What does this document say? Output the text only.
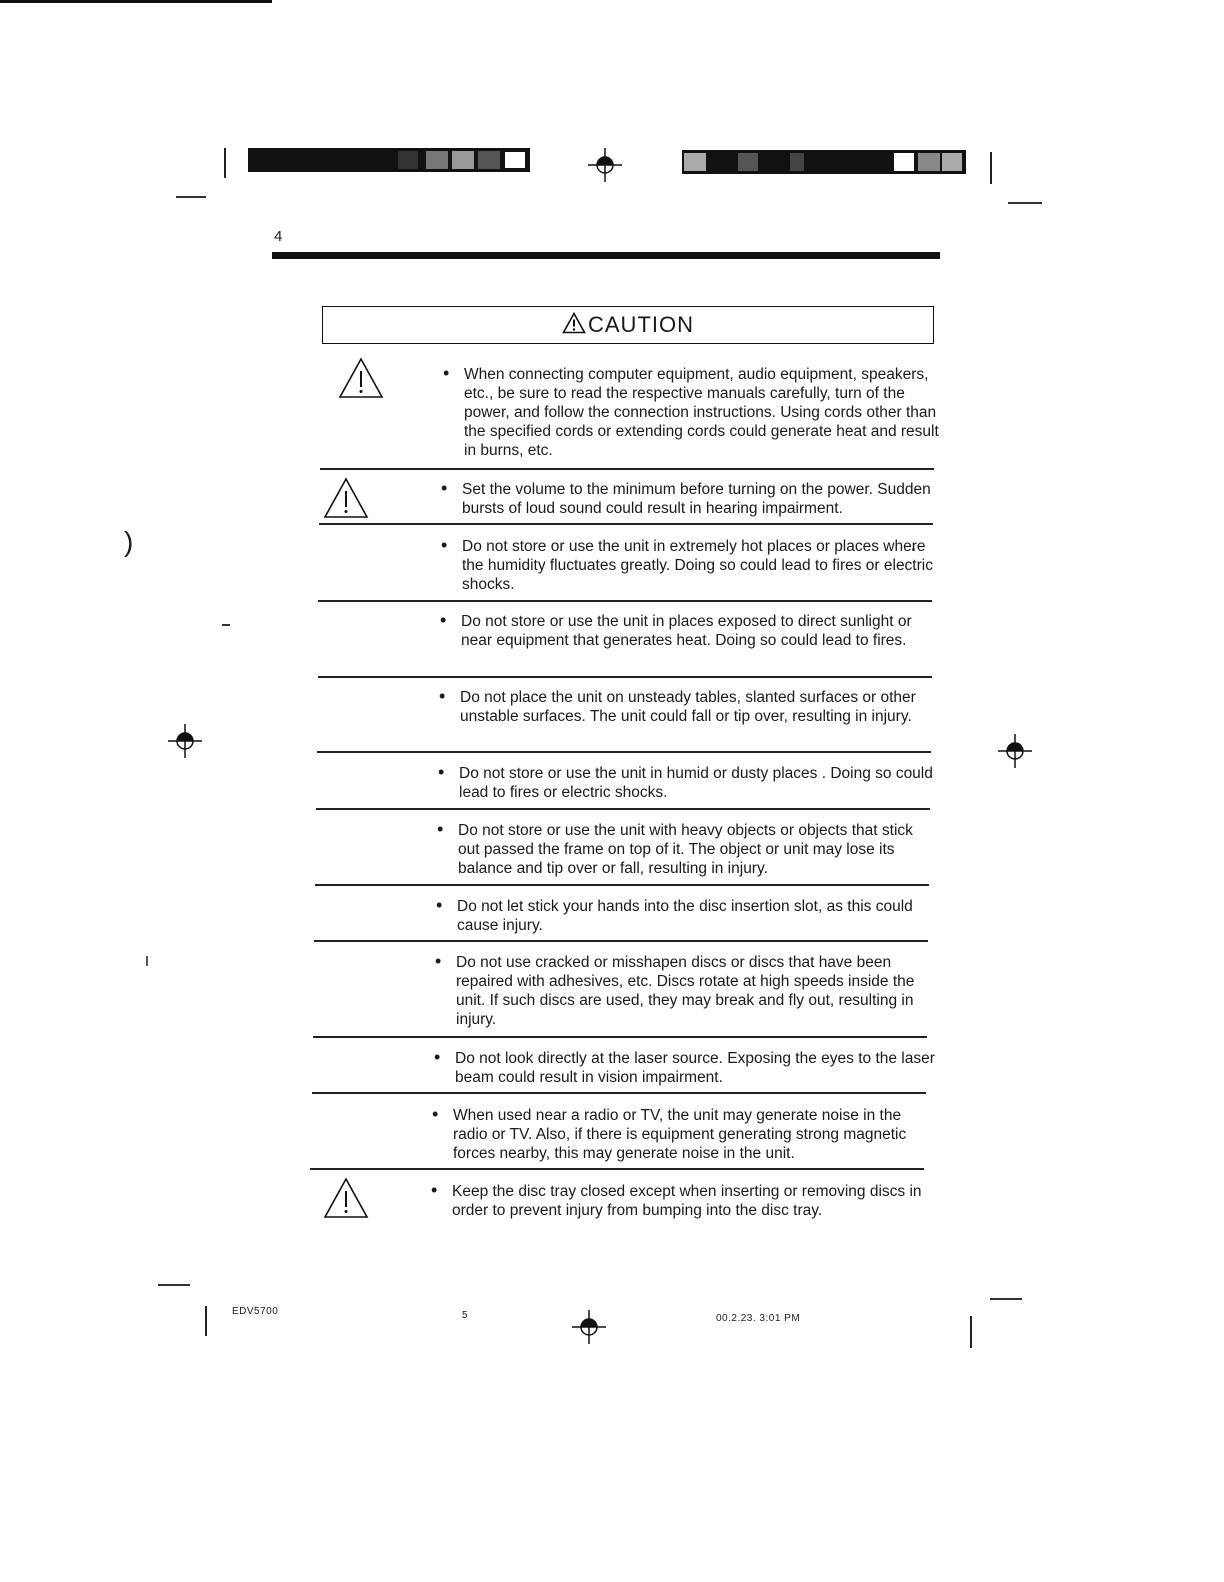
)
4
CAUTION
• When connecting computer equipment, audio equipment, speakers, etc., be sure to read the respective manuals carefully, turn of the power, and follow the connection instructions. Using cords other than the specified cords or extending cords could generate heat and result in burns, etc.
• Set the volume to the minimum before turning on the power. Sudden bursts of loud sound could result in hearing impairment.
• Do not store or use the unit in extremely hot places or places where the humidity fluctuates greatly. Doing so could lead to fires or electric shocks.
• Do not store or use the unit in places exposed to direct sunlight or near equipment that generates heat. Doing so could lead to fires.
• Do not place the unit on unsteady tables, slanted surfaces or other unstable surfaces. The unit could fall or tip over, resulting in injury.
• Do not store or use the unit in humid or dusty places . Doing so could lead to fires or electric shocks.
• Do not store or use the unit with heavy objects or objects that stick out passed the frame on top of it. The object or unit may lose its balance and tip over or fall, resulting in injury.
• Do not let stick your hands into the disc insertion slot, as this could cause injury.
• Do not use cracked or misshapen discs or discs that have been repaired with adhesives, etc. Discs rotate at high speeds inside the unit. If such discs are used, they may break and fly out, resulting in injury.
• Do not look directly at the laser source. Exposing the eyes to the laser beam could result in vision impairment.
• When used near a radio or TV, the unit may generate noise in the radio or TV. Also, if there is equipment generating strong magnetic forces nearby, this may generate noise in the unit.
• Keep the disc tray closed except when inserting or removing discs in order to prevent injury from bumping into the disc tray.
EDV5700	5	00.2.23. 3:01 PM
